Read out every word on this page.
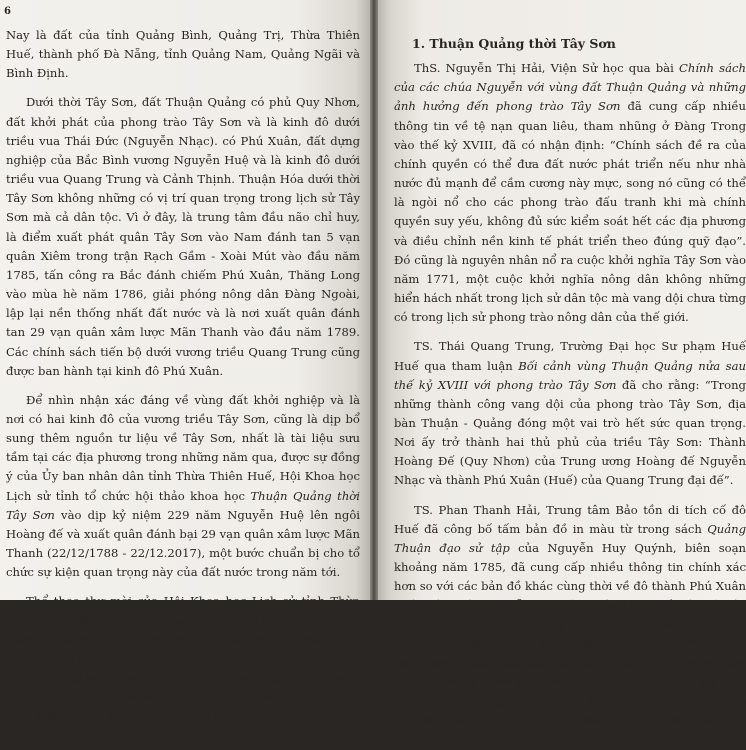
6

Nay là đất của tỉnh Quảng Bình, Quảng Trị, Thừa Thiên Huế, thành phố Đà Nẵng, tỉnh Quảng Nam, Quảng Ngãi và Bình Định.

Dưới thời Tây Sơn, đất Thuận Quảng có phủ Quy Nhơn, đất khởi phát của phong trào Tây Sơn và là kinh đô dưới triều vua Thái Đức (Nguyễn Nhạc). có Phú Xuân, đất dựng nghiệp của Bắc Bình vương Nguyễn Huệ và là kinh đô dưới triều vua Quang Trung và Cảnh Thịnh. Thuận Hóa dưới thời Tây Sơn không những có vị trí quan trọng trong lịch sử Tây Sơn mà cả dân tộc. Vì ở đây, là trung tâm đầu não chỉ huy, là điểm xuất phát quân Tây Sơn vào Nam đánh tan 5 vạn quân Xiêm trong trận Rạch Gầm - Xoài Mút vào đầu năm 1785, tấn công ra Bắc đánh chiếm Phú Xuân, Thăng Long vào mùa hè năm 1786, giải phóng nông dân Đàng Ngoài, lập lại nền thống nhất đất nước và là nơi xuất quân đánh tan 29 vạn quân xâm lược Mãn Thanh vào đầu năm 1789. Các chính sách tiến bộ dưới vương triều Quang Trung cũng được ban hành tại kinh đô Phú Xuân.

Để nhìn nhận xác đáng về vùng đất khởi nghiệp và là nơi có hai kinh đô của vương triều Tây Sơn, cũng là dịp bổ sung thêm nguồn tư liệu về Tây Sơn, nhất là tài liệu sưu tầm tại các địa phương trong những năm qua, được sự đồng ý của Ủy ban nhân dân tỉnh Thừa Thiên Huế, Hội Khoa học Lịch sử tỉnh tổ chức hội thảo khoa học Thuận Quảng thời Tây Sơn vào dịp kỷ niệm 229 năm Nguyễn Huệ lên ngôi Hoàng đế và xuất quân đánh bại 29 vạn quân xâm lược Mãn Thanh (22/12/1788 - 22/12.2017), một bước chuẩn bị cho tổ chức sự kiện quan trọng này của đất nước trong năm tới.

Thể theo thư mời của Hội Khoa học Lịch sử tỉnh Thừa Thiên Huế, đã có nhiều nhà nghiên cứu ở Hà Nội, Huế, Quy Nhơn và thành phố Hồ Chí Minh viết bài cho hội thảo và đã có 23 tham luận được biên tập, in trong tập Kỷ yếu. Trong đó, có 13 bài bám theo chủ đề Thuận Quảng thời Tây Sơn, 3 bài về lăng miếu của vua Quang Trung, số bài còn lại là phát hiện mới về tư liệu và bảo tồn di sản thời Tây Sơn.

1. Thuận Quảng thời Tây Sơn

ThS. Nguyễn Thị Hải, Viện Sử học qua bài Chính sách của các chúa Nguyễn với vùng đất Thuận Quảng và những ảnh hưởng đến phong trào Tây Sơn đã cung cấp nhiều thông tin về tệ nạn quan liêu, tham nhũng ở Đàng Trong vào thế kỷ XVIII, đã có nhận định: “Chính sách đề ra của chính quyền có thể đưa đất nước phát triển nếu như nhà nước đủ mạnh để cầm cương này mực, song nó cũng có thể là ngòi nổ cho các phong trào đấu tranh khi mà chính quyền suy yếu, không đủ sức kiểm soát hết các địa phương và điều chỉnh nền kinh tế phát triển theo đúng quỹ đạo”. Đó cũng là nguyên nhân nổ ra cuộc khởi nghĩa Tây Sơn vào năm 1771, một cuộc khởi nghĩa nông dân không những hiển hách nhất trong lịch sử dân tộc mà vang dội chưa từng có trong lịch sử phong trào nông dân của thế giới.

TS. Thái Quang Trung, Trường Đại học Sư phạm Huế Huế qua tham luận Bối cảnh vùng Thuận Quảng nửa sau thế kỷ XVIII với phong trào Tây Sơn đã cho rằng: “Trong những thành công vang dội của phong trào Tây Sơn, địa bàn Thuận - Quảng đóng một vai trò hết sức quan trọng. Nơi ấy trở thành hai thủ phủ của triều Tây Sơn: Thành Hoàng Đế (Quy Nhơn) của Trung ương Hoàng đế Nguyễn Nhạc và thành Phú Xuân (Huế) của Quang Trung đại đế”.

TS. Phan Thanh Hải, Trung tâm Bảo tồn di tích cố đô Huế đã công bố tấm bản đồ in màu từ trong sách Quảng Thuận đạo sử tập của Nguyễn Huy Quýnh, biên soạn khoảng năm 1785, đã cung cấp nhiều thông tin chính xác hơn so với các bản đồ khác cùng thời về đô thành Phú Xuân dưới thời chúa Nguyễn, sau này chúa Trịnh kế thừa và Tây Sơn tiếp tục sử dụng, trong đó có chi tiết cần được quan tâm là vị trí phủ Dương Xuân, tác giả phân tích: “Theo đó, phủ Dương Xuân phải nằm gần sát bờ sông An Cựu và cũng khá gần sông Hương. Có về vị trí này chính là vị trí phía sau nhà ga Huế, gần cánh đồng Bàu Vá mà Léopol Cadière đã từng xác định chứ không phải tại khu vực chùa Vạn Phước như Nguyễn Đắc Xuân khẳng định”.
